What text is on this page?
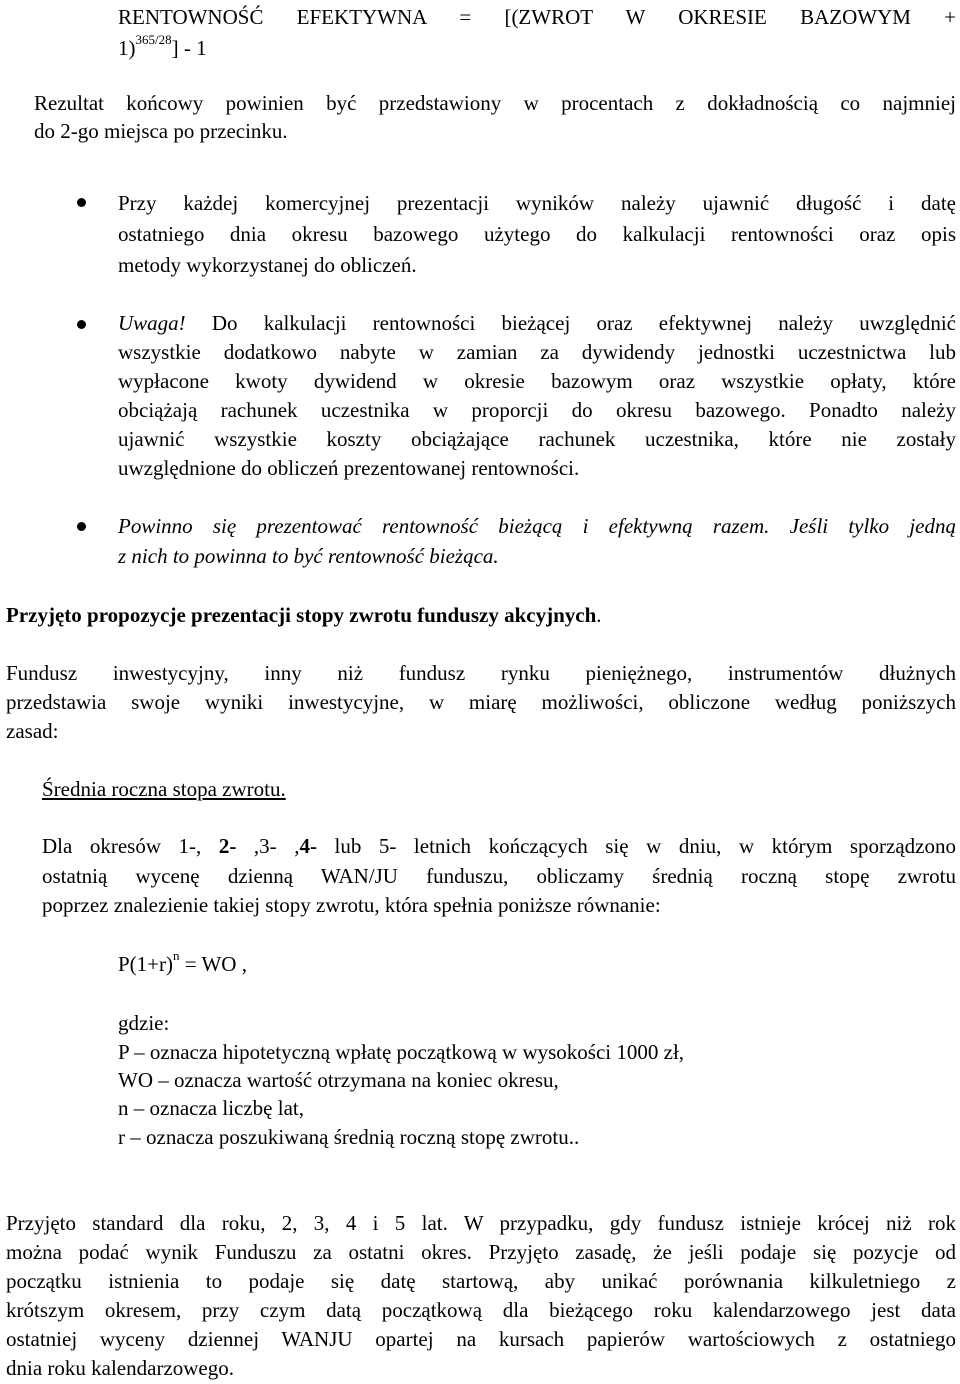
RENTOWNOŚĆ EFEKTYWNA = [(ZWROT W OKRESIE BAZOWYM +
1)$^{365/28}$] - 1
Rezultat końcowy powinien być przedstawiony w procentach z dokładnością co najmniej
do 2-go miejsca po przecinku.
Przy każdej komercyjnej prezentacji wyników należy ujawnić długość i datę
ostatniego dnia okresu bazowego użytego do kalkulacji rentowności oraz opis
metody wykorzystanej do obliczeń.
Uwaga! Do kalkulacji rentowności bieżącej oraz efektywnej należy uwzględnić
wszystkie dodatkowo nabyte w zamian za dywidendy jednostki uczestnictwa lub
wypłacone kwoty dywidend w okresie bazowym oraz wszystkie opłaty, które
obciążają rachunek uczestnika w proporcji do okresu bazowego. Ponadto należy
ujawnić wszystkie koszty obciążające rachunek uczestnika, które nie zostały
uwzględnione do obliczeń prezentowanej rentowności.
Powinno się prezentować rentowność bieżącą i efektywną razem. Jeśli tylko jedną
z nich to powinna to być rentowność bieżąca.
Przyjęto propozycje prezentacji stopy zwrotu funduszy akcyjnych.
Fundusz inwestycyjny, inny niż fundusz rynku pieniężnego, instrumentów dłużnych
przedstawia swoje wyniki inwestycyjne, w miarę możliwości, obliczone według poniższych
zasad:
Średnia roczna stopa zwrotu.
Dla okresów 1-, 2- ,3- ,4- lub 5- letnich kończących się w dniu, w którym sporządzono
ostatnią wycenę dzienną WAN/JU funduszu, obliczamy średnią roczną stopę zwrotu
poprzez znalezienie takiej stopy zwrotu, która spełnia poniższe równanie:
$P(1+r)^n$ = WO ,
gdzie:
P – oznacza hipotetyczną wpłatę początkową w wysokości 1000 zł,
WO – oznacza wartość otrzymana na koniec okresu,
n – oznacza liczbę lat,
r – oznacza poszukiwaną średnią roczną stopę zwrotu..
Przyjęto standard dla roku, 2, 3, 4 i 5 lat. W przypadku, gdy fundusz istnieje krócej niż rok
można podać wynik Funduszu za ostatni okres. Przyjęto zasadę, że jeśli podaje się pozycje od
początku istnienia to podaje się datę startową, aby unikać porównania kilkuletniego z
krótszym okresem, przy czym datą początkową dla bieżącego roku kalendarzowego jest data
ostatniej wyceny dziennej WANJU opartej na kursach papierów wartościowych z ostatniego
dnia roku kalendarzowego.
